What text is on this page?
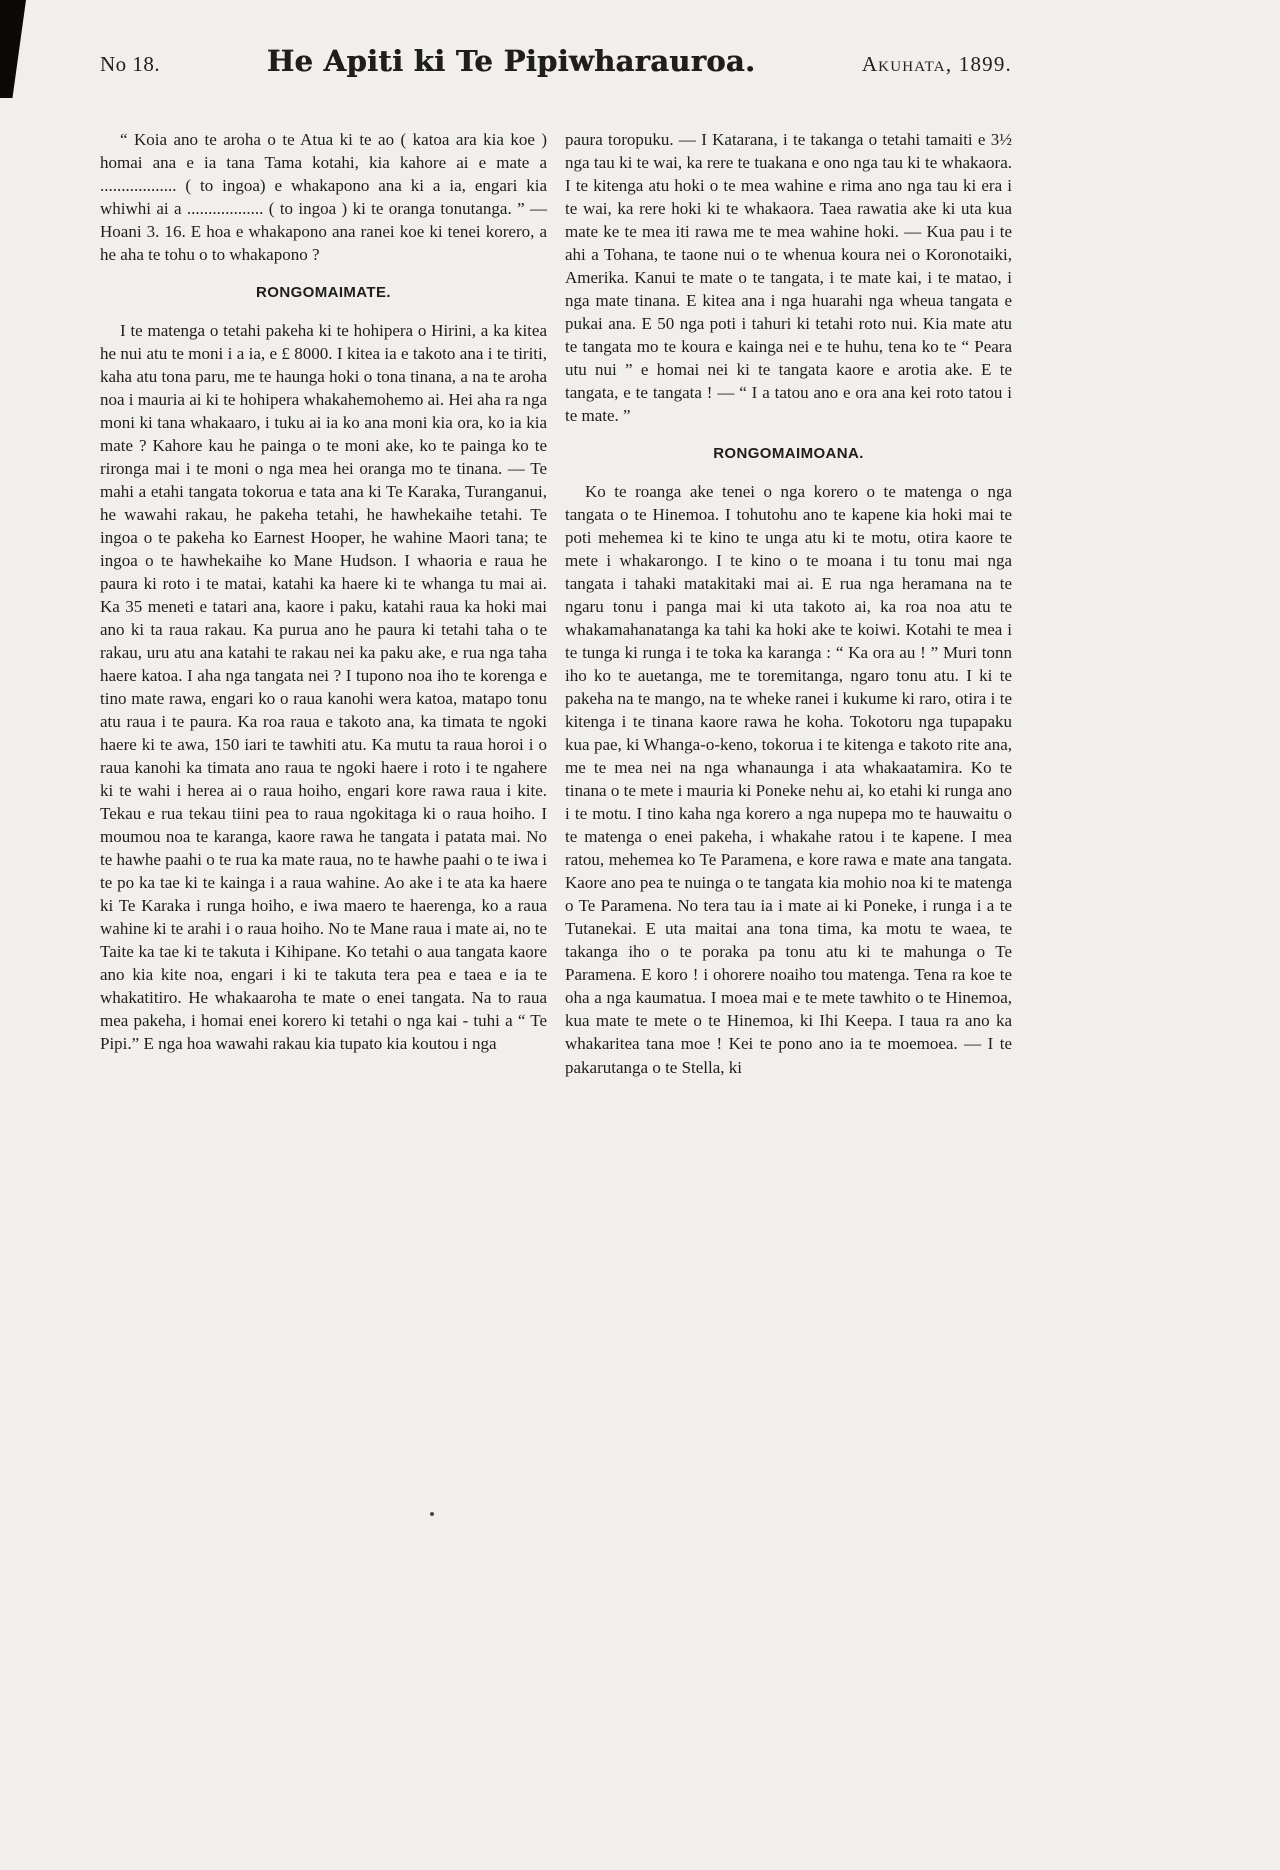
No 18.	He Apiti ki Te Pipiwharauroa.	Akuhata, 1899.

“ Koia ano te aroha o te Atua ki te ao ( katoa ara kia koe ) homai ana e ia tana Tama kotahi, kia kahore ai e mate a .................. ( to ingoa) e whakapono ana ki a ia, engari kia whiwhi ai a .................. ( to ingoa ) ki te oranga tonutanga. ” — Hoani 3. 16. E hoa e whakapono ana ranei koe ki tenei korero, a he aha te tohu o to whakapono ?

RONGOMAIMATE.

I te matenga o tetahi pakeha ki te hohipera o Hirini, a ka kitea he nui atu te moni i a ia, e £ 8000. I kitea ia e takoto ana i te tiriti, kaha atu tona paru, me te haunga hoki o tona tinana, a na te aroha noa i mauria ai ki te hohipera whakahemohemo ai. Hei aha ra nga moni ki tana whakaaro, i tuku ai ia ko ana moni kia ora, ko ia kia mate ? Kahore kau he painga o te moni ake, ko te painga ko te rironga mai i te moni o nga mea hei oranga mo te tinana. — Te mahi a etahi tangata tokorua e tata ana ki Te Karaka, Turanganui, he wawahi rakau, he pakeha tetahi, he hawhekaihe tetahi. Te ingoa o te pakeha ko Earnest Hooper, he wahine Maori tana; te ingoa o te hawhekaihe ko Mane Hudson. I whaoria e raua he paura ki roto i te matai, katahi ka haere ki te whanga tu mai ai. Ka 35 meneti e tatari ana, kaore i paku, katahi raua ka hoki mai ano ki ta raua rakau. Ka purua ano he paura ki tetahi taha o te rakau, uru atu ana katahi te rakau nei ka paku ake, e rua nga taha haere katoa. I aha nga tangata nei ? I tupono noa iho te korenga e tino mate rawa, engari ko o raua kanohi wera katoa, matapo tonu atu raua i te paura. Ka roa raua e takoto ana, ka timata te ngoki haere ki te awa, 150 iari te tawhiti atu. Ka mutu ta raua horoi i o raua kanohi ka timata ano raua te ngoki haere i roto i te ngahere ki te wahi i herea ai o raua hoiho, engari kore rawa raua i kite. Tekau e rua tekau tiini pea to raua ngokitaga ki o raua hoiho. I moumou noa te karanga, kaore rawa he tangata i patata mai. No te hawhe paahi o te rua ka mate raua, no te hawhe paahi o te iwa i te po ka tae ki te kainga i a raua wahine. Ao ake i te ata ka haere ki Te Karaka i runga hoiho, e iwa maero te haerenga, ko a raua wahine ki te arahi i o raua hoiho. No te Mane raua i mate ai, no te Taite ka tae ki te takuta i Kihipane. Ko tetahi o aua tangata kaore ano kia kite noa, engari i ki te takuta tera pea e taea e ia te whakatitiro. He whakaaroha te mate o enei tangata. Na to raua mea pakeha, i homai enei korero ki tetahi o nga kai - tuhi a “ Te Pipi.” E nga hoa wawahi rakau kia tupato kia koutou i nga

paura toropuku. — I Katarana, i te takanga o tetahi tamaiti e 3½ nga tau ki te wai, ka rere te tuakana e ono nga tau ki te whakaora. I te kitenga atu hoki o te mea wahine e rima ano nga tau ki era i te wai, ka rere hoki ki te whakaora. Taea rawatia ake ki uta kua mate ke te mea iti rawa me te mea wahine hoki. — Kua pau i te ahi a Tohana, te taone nui o te whenua koura nei o Koronotaiki, Amerika. Kanui te mate o te tangata, i te mate kai, i te matao, i nga mate tinana. E kitea ana i nga huarahi nga wheua tangata e pukai ana. E 50 nga poti i tahuri ki tetahi roto nui. Kia mate atu te tangata mo te koura e kainga nei e te huhu, tena ko te “ Peara utu nui ” e homai nei ki te tangata kaore e arotia ake. E te tangata, e te tangata ! — “ I a tatou ano e ora ana kei roto tatou i te mate. ”

RONGOMAIMOANA.

Ko te roanga ake tenei o nga korero o te matenga o nga tangata o te Hinemoa. I tohutohu ano te kapene kia hoki mai te poti mehemea ki te kino te unga atu ki te motu, otira kaore te mete i whakarongo. I te kino o te moana i tu tonu mai nga tangata i tahaki matakitaki mai ai. E rua nga heramana na te ngaru tonu i panga mai ki uta takoto ai, ka roa noa atu te whakamahanatanga ka tahi ka hoki ake te koiwi. Kotahi te mea i te tunga ki runga i te toka ka karanga : “ Ka ora au ! ” Muri tonn iho ko te auetanga, me te toremitanga, ngaro tonu atu. I ki te pakeha na te mango, na te wheke ranei i kukume ki raro, otira i te kitenga i te tinana kaore rawa he koha. Tokotoru nga tupapaku kua pae, ki Whanga-o-keno, tokorua i te kitenga e takoto rite ana, me te mea nei na nga whanaunga i ata whakaatamira. Ko te tinana o te mete i mauria ki Poneke nehu ai, ko etahi ki runga ano i te motu. I tino kaha nga korero a nga nupepa mo te hauwaitu o te matenga o enei pakeha, i whakahe ratou i te kapene. I mea ratou, mehemea ko Te Paramena, e kore rawa e mate ana tangata. Kaore ano pea te nuinga o te tangata kia mohio noa ki te matenga o Te Paramena. No tera tau ia i mate ai ki Poneke, i runga i a te Tutanekai. E uta maitai ana tona tima, ka motu te waea, te takanga iho o te poraka pa tonu atu ki te mahunga o Te Paramena. E koro ! i ohorere noaiho tou matenga. Tena ra koe te oha a nga kaumatua. I moea mai e te mete tawhito o te Hinemoa, kua mate te mete o te Hinemoa, ki Ihi Keepa. I taua ra ano ka whakaritea tana moe ! Kei te pono ano ia te moemoea. — I te pakarutanga o te Stella, ki
